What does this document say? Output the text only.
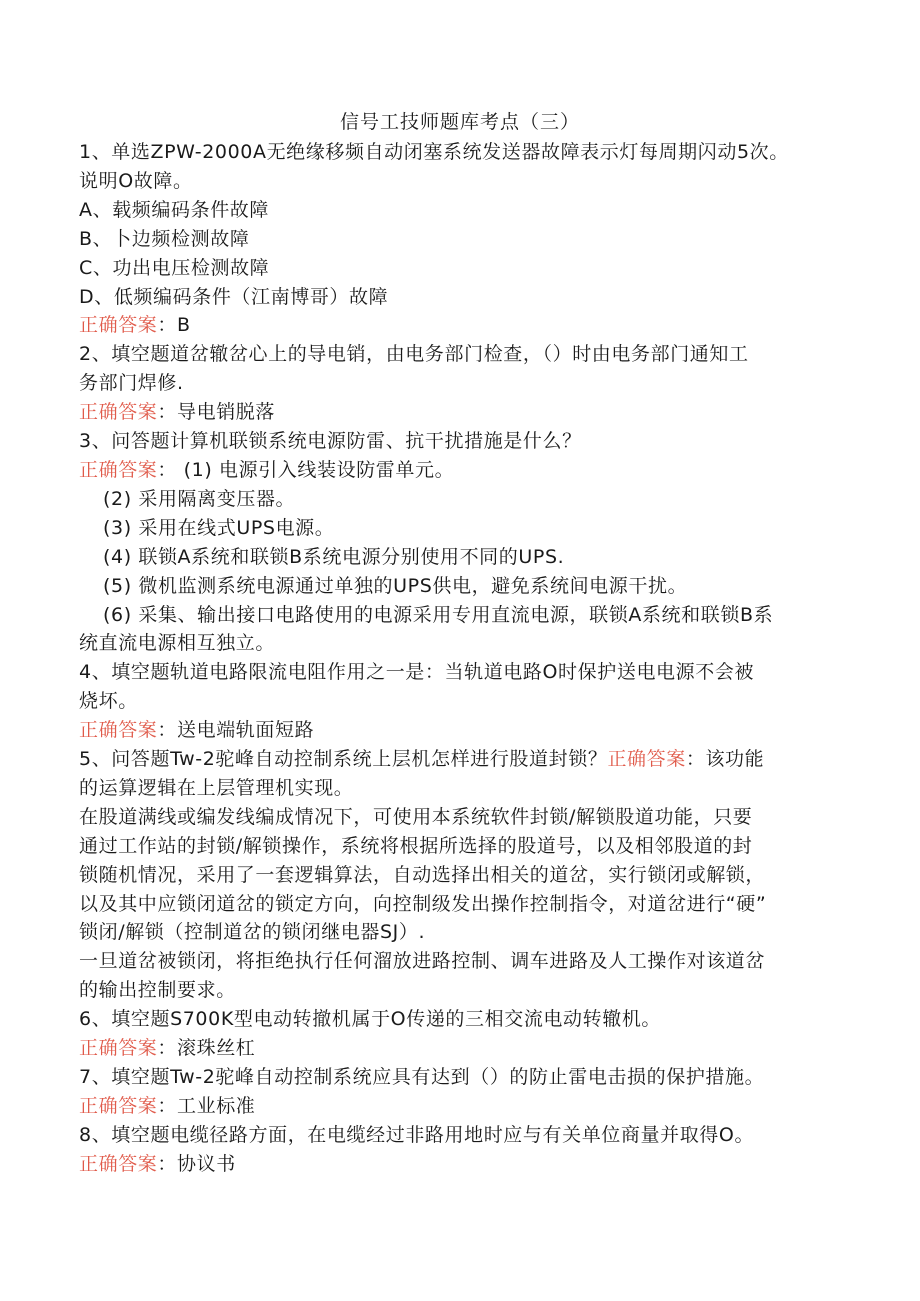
信号工技师题库考点（三）

1、单选ZPW-2000A无绝缘移频自动闭塞系统发送器故障表示灯每周期闪动5次。

说明O故障。

A、载频编码条件故障

B、卜边频检测故障

C、功出电压检测故障

D、低频编码条件（江南博哥）故障

正确答案：B

2、填空题道岔辙岔心上的导电销，由电务部门检查，（）时由电务部门通知工

务部门焊修.

正确答案：导电销脱落

3、问答题计算机联锁系统电源防雷、抗干扰措施是什么？

正确答案： (1) 电源引入线装设防雷单元。

(2) 采用隔离变压器。

(3) 采用在线式UPS电源。

(4) 联锁A系统和联锁B系统电源分别使用不同的UPS.

(5) 微机监测系统电源通过单独的UPS供电，避免系统间电源干扰。

(6) 采集、输出接口电路使用的电源采用专用直流电源，联锁A系统和联锁B系

统直流电源相互独立。

4、填空题轨道电路限流电阻作用之一是：当轨道电路O时保护送电电源不会被

烧坏。

正确答案：送电端轨面短路

5、问答题Tw-2驼峰自动控制系统上层机怎样进行股道封锁？正确答案：该功能

的运算逻辑在上层管理机实现。

在股道满线或编发线编成情况下，可使用本系统软件封锁/解锁股道功能，只要

通过工作站的封锁/解锁操作，系统将根据所选择的股道号，以及相邻股道的封

锁随机情况，采用了一套逻辑算法，自动选择出相关的道岔，实行锁闭或解锁，

以及其中应锁闭道岔的锁定方向，向控制级发出操作控制指令，对道岔进行“硬”

锁闭/解锁（控制道岔的锁闭继电器SJ）.

一旦道岔被锁闭，将拒绝执行任何溜放进路控制、调车进路及人工操作对该道岔

的输出控制要求。

6、填空题S700K型电动转撤机属于O传递的三相交流电动转辙机。

正确答案：滚珠丝杠

7、填空题Tw-2驼峰自动控制系统应具有达到（）的防止雷电击损的保护措施。

正确答案：工业标准

8、填空题电缆径路方面，在电缆经过非路用地时应与有关单位商量并取得O。

正确答案：协议书
